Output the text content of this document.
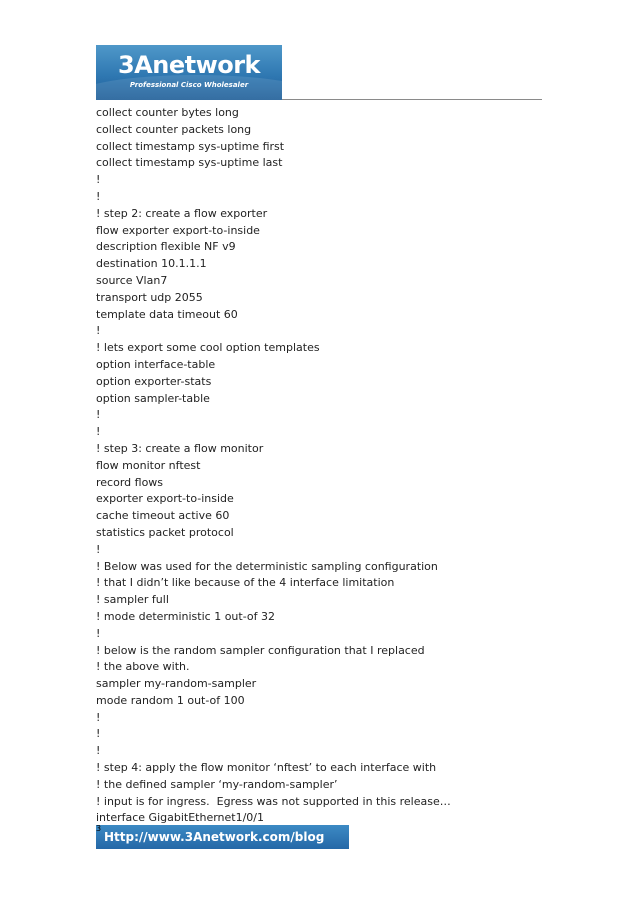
3Anetwork
Professional Cisco Wholesaler
collect counter bytes long
collect counter packets long
collect timestamp sys-uptime first
collect timestamp sys-uptime last
!
!
! step 2: create a flow exporter
flow exporter export-to-inside
description flexible NF v9
destination 10.1.1.1
source Vlan7
transport udp 2055
template data timeout 60
!
! lets export some cool option templates
option interface-table
option exporter-stats
option sampler-table
!
!
! step 3: create a flow monitor
flow monitor nftest
record flows
exporter export-to-inside
cache timeout active 60
statistics packet protocol
!
! Below was used for the deterministic sampling configuration
! that I didn’t like because of the 4 interface limitation
! sampler full
! mode deterministic 1 out-of 32
!
! below is the random sampler configuration that I replaced
! the above with.
sampler my-random-sampler
mode random 1 out-of 100
!
!
!
! step 4: apply the flow monitor ‘nftest’ to each interface with
! the defined sampler ‘my-random-sampler’
! input is for ingress.  Egress was not supported in this release…
interface GigabitEthernet1/0/1
Http://www.3Anetwork.com/blog
3
